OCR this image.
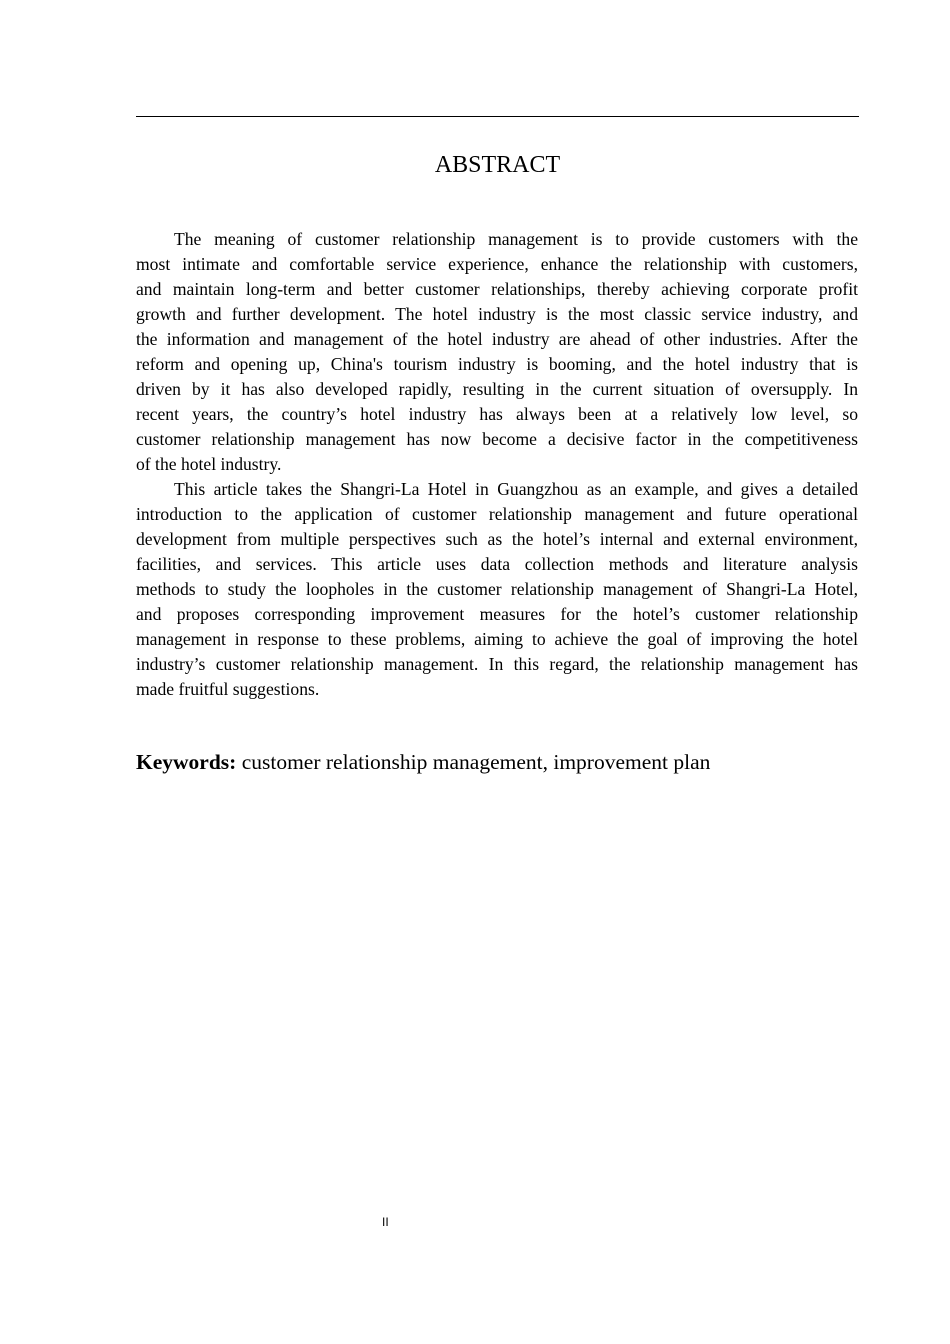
ABSTRACT
The meaning of customer relationship management is to provide customers with the
most intimate and comfortable service experience, enhance the relationship with customers,
and maintain long-term and better customer relationships, thereby achieving corporate profit
growth and further development. The hotel industry is the most classic service industry, and
the information and management of the hotel industry are ahead of other industries. After the
reform and opening up, China's tourism industry is booming, and the hotel industry that is
driven by it has also developed rapidly, resulting in the current situation of oversupply. In
recent years, the country’s hotel industry has always been at a relatively low level, so
customer relationship management has now become a decisive factor in the competitiveness
of the hotel industry.
This article takes the Shangri-La Hotel in Guangzhou as an example, and gives a detailed
introduction to the application of customer relationship management and future operational
development from multiple perspectives such as the hotel’s internal and external environment,
facilities, and services. This article uses data collection methods and literature analysis
methods to study the loopholes in the customer relationship management of Shangri-La Hotel,
and proposes corresponding improvement measures for the hotel’s customer relationship
management in response to these problems, aiming to achieve the goal of improving the hotel
industry’s customer relationship management. In this regard, the relationship management has
made fruitful suggestions.
Keywords: customer relationship management, improvement plan
II
